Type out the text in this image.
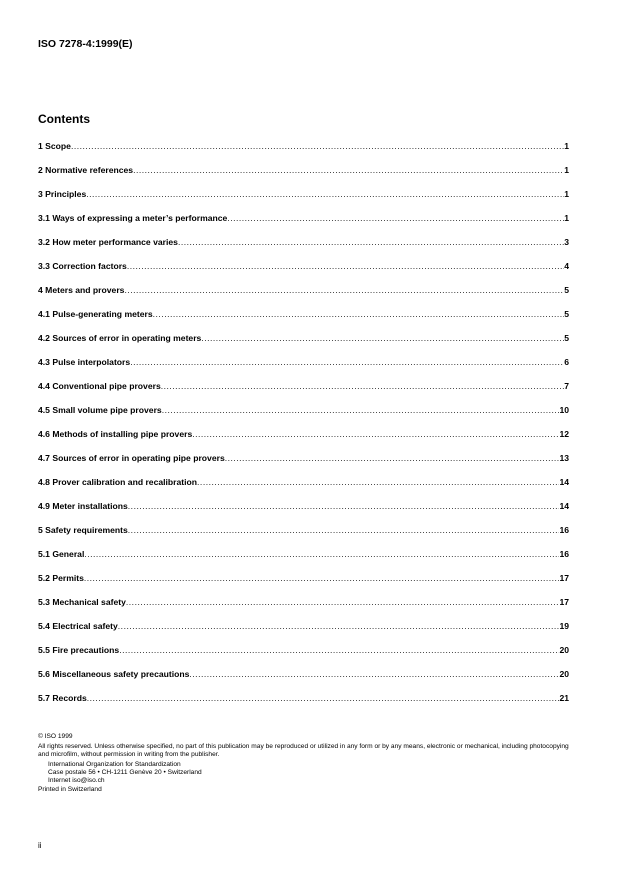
ISO 7278-4:1999(E)
Contents
1 Scope .....	1
2 Normative references .....	1
3 Principles .....	1
3.1 Ways of expressing a meter’s performance .....	1
3.2 How meter performance varies .....	3
3.3 Correction factors .....	4
4 Meters and provers .....	5
4.1 Pulse-generating meters .....	5
4.2 Sources of error in operating meters .....	5
4.3 Pulse interpolators .....	6
4.4 Conventional pipe provers .....	7
4.5 Small volume pipe provers .....	10
4.6 Methods of installing pipe provers .....	12
4.7 Sources of error in operating pipe provers .....	13
4.8 Prover calibration and recalibration .....	14
4.9 Meter installations .....	14
5 Safety requirements .....	16
5.1 General .....	16
5.2 Permits .....	17
5.3 Mechanical safety .....	17
5.4 Electrical safety .....	19
5.5 Fire precautions .....	20
5.6 Miscellaneous safety precautions .....	20
5.7 Records .....	21
© ISO 1999
All rights reserved. Unless otherwise specified, no part of this publication may be reproduced or utilized in any form or by any means, electronic or mechanical, including photocopying and microfilm, without permission in writing from the publisher.
International Organization for Standardization
Case postale 56 • CH-1211 Genève 20 • Switzerland
Internet iso@iso.ch
Printed in Switzerland
ii
